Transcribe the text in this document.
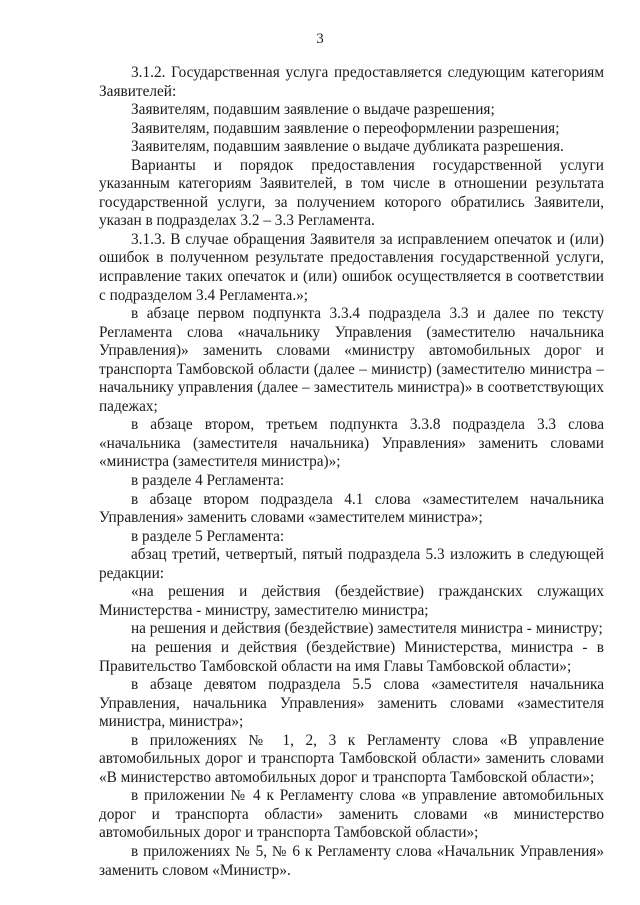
3

3.1.2. Государственная услуга предоставляется следующим категориям Заявителей:

Заявителям, подавшим заявление о выдаче разрешения;

Заявителям, подавшим заявление о переоформлении разрешения;

Заявителям, подавшим заявление о выдаче дубликата разрешения.

Варианты и порядок предоставления государственной услуги указанным категориям Заявителей, в том числе в отношении результата государственной услуги, за получением которого обратились Заявители, указан в подразделах 3.2 – 3.3 Регламента.

3.1.3. В случае обращения Заявителя за исправлением опечаток и (или) ошибок в полученном результате предоставления государственной услуги, исправление таких опечаток и (или) ошибок осуществляется в соответствии с подразделом 3.4 Регламента.»;

в абзаце первом подпункта 3.3.4 подраздела 3.3 и далее по тексту Регламента слова «начальнику Управления (заместителю начальника Управления)» заменить словами «министру автомобильных дорог и транспорта Тамбовской области (далее – министр) (заместителю министра – начальнику управления (далее – заместитель министра)» в соответствующих падежах;

в абзаце втором, третьем подпункта 3.3.8 подраздела 3.3 слова «начальника (заместителя начальника) Управления» заменить словами «министра (заместителя министра)»;

в разделе 4 Регламента:

в абзаце втором подраздела 4.1 слова «заместителем начальника Управления» заменить словами «заместителем министра»;

в разделе 5 Регламента:

абзац третий, четвертый, пятый подраздела 5.3 изложить в следующей редакции:

«на решения и действия (бездействие) гражданских служащих Министерства - министру, заместителю министра;

на решения и действия (бездействие) заместителя министра - министру;

на решения и действия (бездействие) Министерства, министра - в Правительство Тамбовской области на имя Главы Тамбовской области»;

в абзаце девятом подраздела 5.5 слова «заместителя начальника Управления, начальника Управления» заменить словами «заместителя министра, министра»;

в приложениях № 1, 2, 3 к Регламенту слова «В управление автомобильных дорог и транспорта Тамбовской области» заменить словами «В министерство автомобильных дорог и транспорта Тамбовской области»;

в приложении № 4 к Регламенту слова «в управление автомобильных дорог и транспорта области» заменить словами «в министерство автомобильных дорог и транспорта Тамбовской области»;

в приложениях № 5, № 6 к Регламенту слова «Начальник Управления» заменить словом «Министр».
